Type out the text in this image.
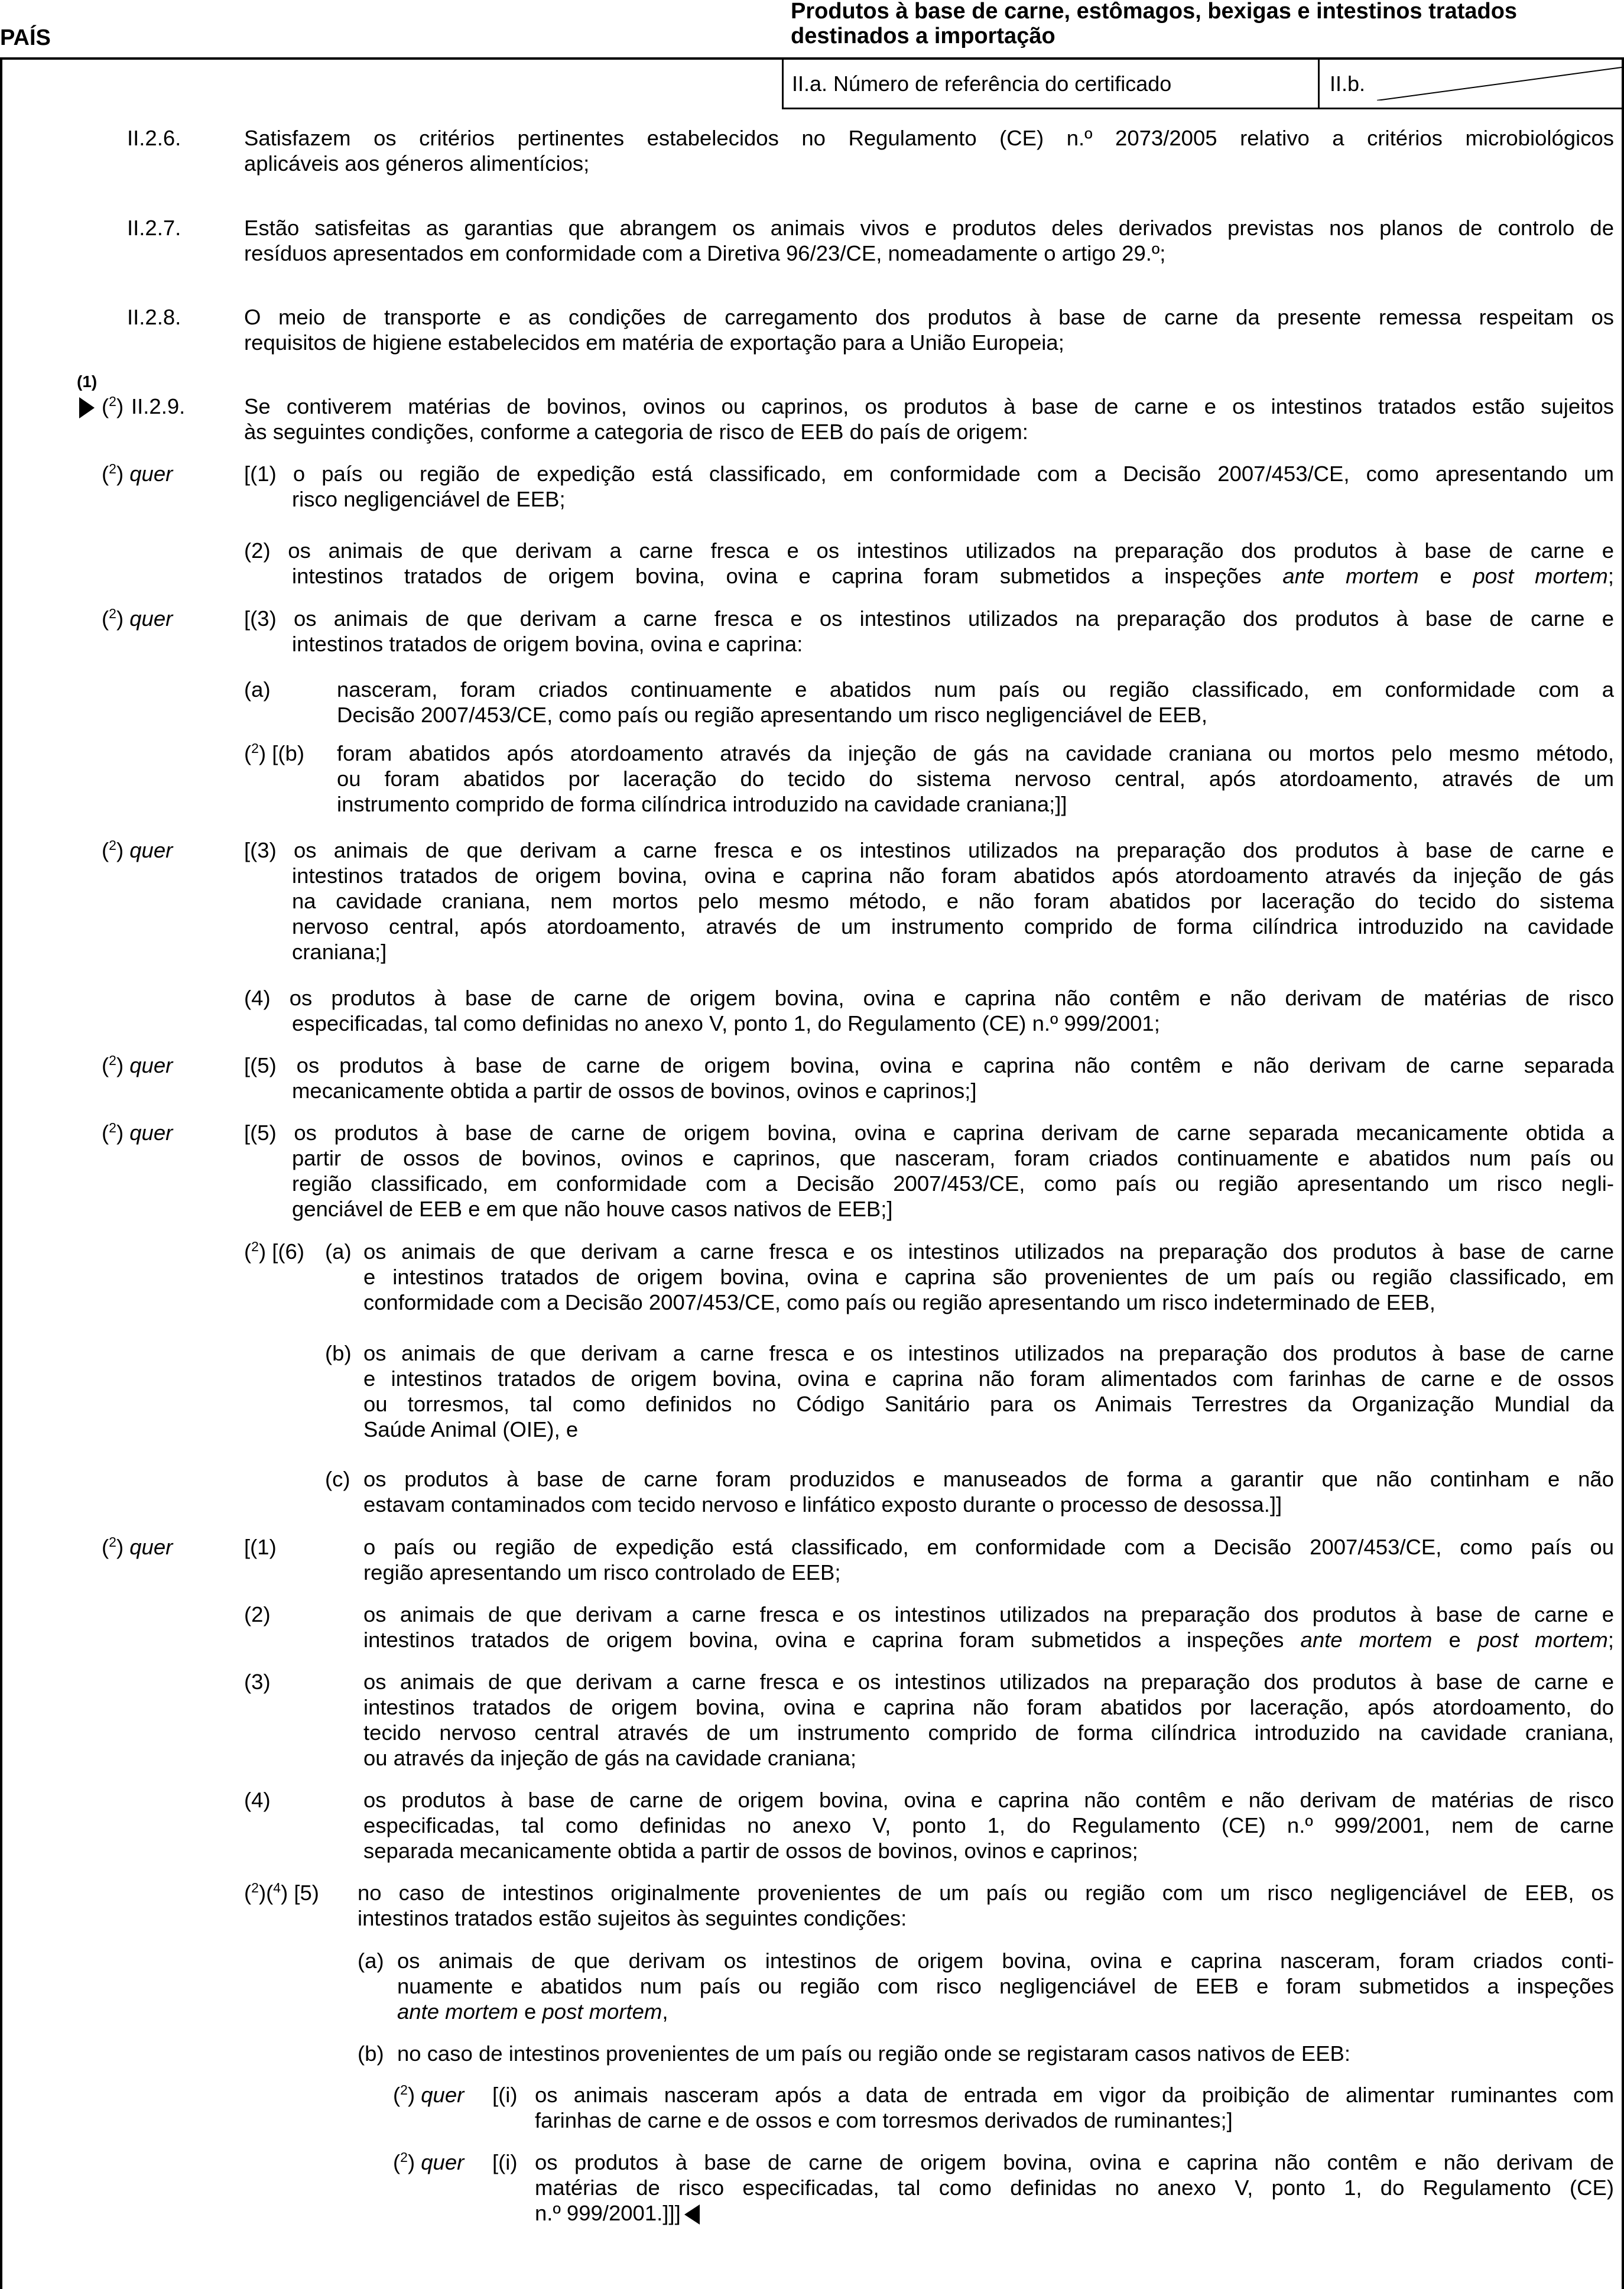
PAÍS
Produtos à base de carne, estômagos, bexigas e intestinos tratados
destinados a importação
II.a. Número de referência do certificado	II.b.
II.2.6.	Satisfazem os critérios pertinentes estabelecidos no Regulamento (CE) n.º 2073/2005 relativo a critérios microbiológicos
aplicáveis aos géneros alimentícios;
II.2.7.	Estão satisfeitas as garantias que abrangem os animais vivos e produtos deles derivados previstas nos planos de controlo de
resíduos apresentados em conformidade com a Diretiva 96/23/CE, nomeadamente o artigo 29.º;
II.2.8.	O meio de transporte e as condições de carregamento dos produtos à base de carne da presente remessa respeitam os
requisitos de higiene estabelecidos em matéria de exportação para a União Europeia;
(1)
($^2$) II.2.9.	Se contiverem matérias de bovinos, ovinos ou caprinos, os produtos à base de carne e os intestinos tratados estão sujeitos
às seguintes condições, conforme a categoria de risco de EEB do país de origem:
($^2$) quer	[(1) o país ou região de expedição está classificado, em conformidade com a Decisão 2007/453/CE, como apresentando um
risco negligenciável de EEB;
(2) os animais de que derivam a carne fresca e os intestinos utilizados na preparação dos produtos à base de carne e
intestinos tratados de origem bovina, ovina e caprina foram submetidos a inspeções ante mortem e post mortem;
($^2$) quer	[(3) os animais de que derivam a carne fresca e os intestinos utilizados na preparação dos produtos à base de carne e
intestinos tratados de origem bovina, ovina e caprina:
(a)	nasceram, foram criados continuamente e abatidos num país ou região classificado, em conformidade com a
Decisão 2007/453/CE, como país ou região apresentando um risco negligenciável de EEB,
($^2$) [(b) foram abatidos após atordoamento através da injeção de gás na cavidade craniana ou mortos pelo mesmo método,
ou foram abatidos por laceração do tecido do sistema nervoso central, após atordoamento, através de um
instrumento comprido de forma cilíndrica introduzido na cavidade craniana;]]
($^2$) quer	[(3) os animais de que derivam a carne fresca e os intestinos utilizados na preparação dos produtos à base de carne e
intestinos tratados de origem bovina, ovina e caprina não foram abatidos após atordoamento através da injeção de gás
na cavidade craniana, nem mortos pelo mesmo método, e não foram abatidos por laceração do tecido do sistema
nervoso central, após atordoamento, através de um instrumento comprido de forma cilíndrica introduzido na cavidade
craniana;]
(4) os produtos à base de carne de origem bovina, ovina e caprina não contêm e não derivam de matérias de risco
especificadas, tal como definidas no anexo V, ponto 1, do Regulamento (CE) n.º 999/2001;
($^2$) quer	[(5) os produtos à base de carne de origem bovina, ovina e caprina não contêm e não derivam de carne separada
mecanicamente obtida a partir de ossos de bovinos, ovinos e caprinos;]
($^2$) quer	[(5) os produtos à base de carne de origem bovina, ovina e caprina derivam de carne separada mecanicamente obtida a
partir de ossos de bovinos, ovinos e caprinos, que nasceram, foram criados continuamente e abatidos num país ou
região classificado, em conformidade com a Decisão 2007/453/CE, como país ou região apresentando um risco negli-
genciável de EEB e em que não houve casos nativos de EEB;]
($^2$) [(6) (a) os animais de que derivam a carne fresca e os intestinos utilizados na preparação dos produtos à base de carne
e intestinos tratados de origem bovina, ovina e caprina são provenientes de um país ou região classificado, em
conformidade com a Decisão 2007/453/CE, como país ou região apresentando um risco indeterminado de EEB,
(b) os animais de que derivam a carne fresca e os intestinos utilizados na preparação dos produtos à base de carne
e intestinos tratados de origem bovina, ovina e caprina não foram alimentados com farinhas de carne e de ossos
ou torresmos, tal como definidos no Código Sanitário para os Animais Terrestres da Organização Mundial da
Saúde Animal (OIE), e
(c) os produtos à base de carne foram produzidos e manuseados de forma a garantir que não continham e não
estavam contaminados com tecido nervoso e linfático exposto durante o processo de desossa.]]
($^2$) quer	[(1)	o país ou região de expedição está classificado, em conformidade com a Decisão 2007/453/CE, como país ou
região apresentando um risco controlado de EEB;
(2)	os animais de que derivam a carne fresca e os intestinos utilizados na preparação dos produtos à base de carne e
intestinos tratados de origem bovina, ovina e caprina foram submetidos a inspeções ante mortem e post mortem;
(3)	os animais de que derivam a carne fresca e os intestinos utilizados na preparação dos produtos à base de carne e
intestinos tratados de origem bovina, ovina e caprina não foram abatidos por laceração, após atordoamento, do
tecido nervoso central através de um instrumento comprido de forma cilíndrica introduzido na cavidade craniana,
ou através da injeção de gás na cavidade craniana;
(4)	os produtos à base de carne de origem bovina, ovina e caprina não contêm e não derivam de matérias de risco
especificadas, tal como definidas no anexo V, ponto 1, do Regulamento (CE) n.º 999/2001, nem de carne
separada mecanicamente obtida a partir de ossos de bovinos, ovinos e caprinos;
($^2$)($^4$) [5) no caso de intestinos originalmente provenientes de um país ou região com um risco negligenciável de EEB, os
intestinos tratados estão sujeitos às seguintes condições:
(a) os animais de que derivam os intestinos de origem bovina, ovina e caprina nasceram, foram criados conti-
nuamente e abatidos num país ou região com risco negligenciável de EEB e foram submetidos a inspeções
ante mortem e post mortem,
(b) no caso de intestinos provenientes de um país ou região onde se registaram casos nativos de EEB:
($^2$) quer [(i) os animais nasceram após a data de entrada em vigor da proibição de alimentar ruminantes com
farinhas de carne e de ossos e com torresmos derivados de ruminantes;]
($^2$) quer [(i) os produtos à base de carne de origem bovina, ovina e caprina não contêm e não derivam de
matérias de risco especificadas, tal como definidas no anexo V, ponto 1, do Regulamento (CE)
n.º 999/2001.]]]
